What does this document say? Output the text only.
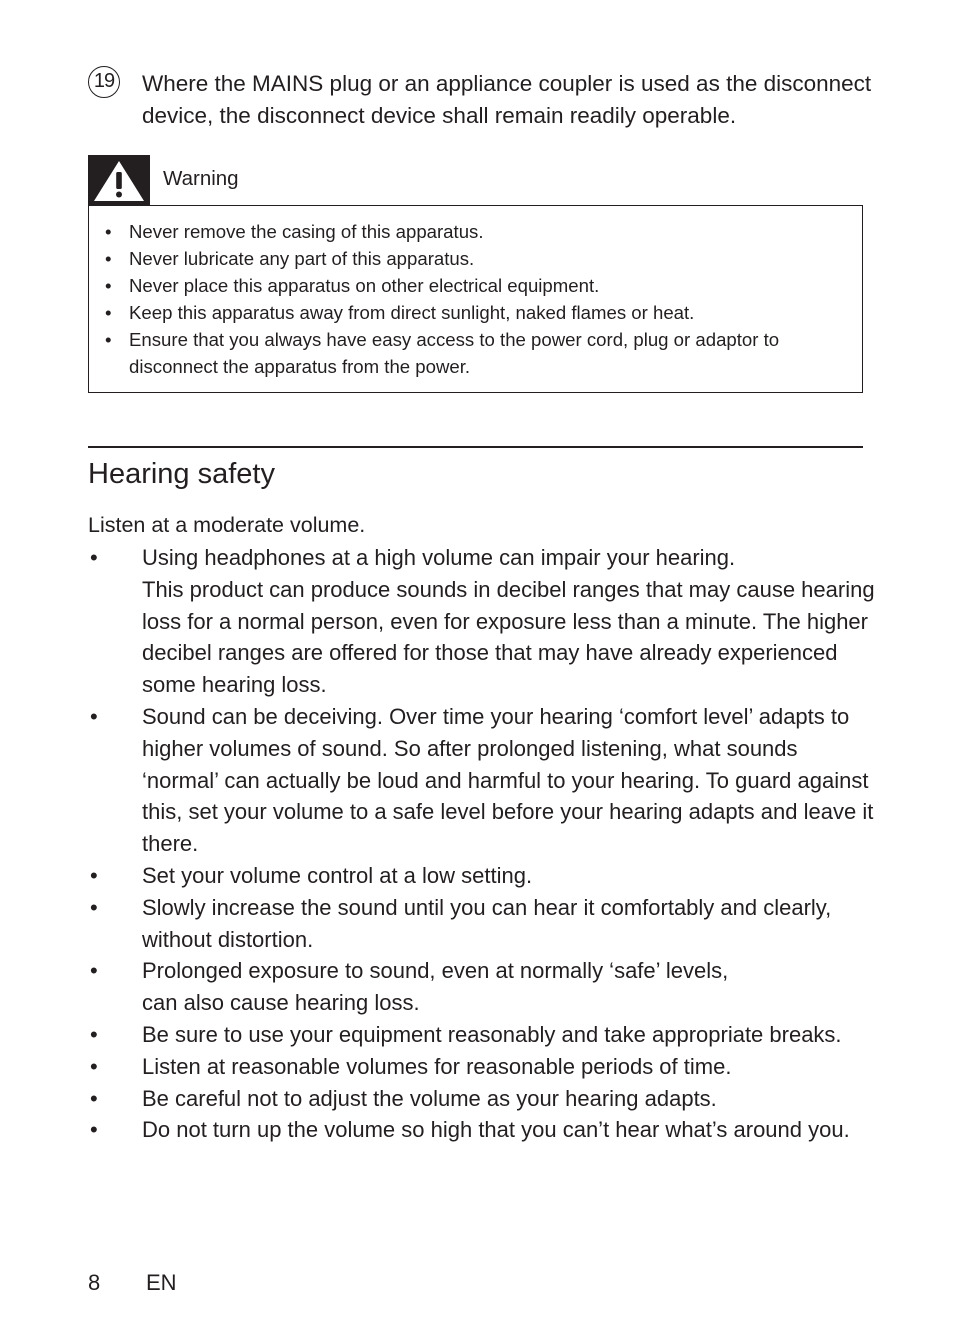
19 Where the MAINS plug or an appliance coupler is used as the disconnect device, the disconnect device shall remain readily operable.
Warning
• Never remove the casing of this apparatus.
• Never lubricate any part of this apparatus.
• Never place this apparatus on other electrical equipment.
• Keep this apparatus away from direct sunlight, naked flames or heat.
• Ensure that you always have easy access to the power cord, plug or adaptor to disconnect the apparatus from the power.
Hearing safety
Listen at a moderate volume.
• Using headphones at a high volume can impair your hearing.
This product can produce sounds in decibel ranges that may cause hearing loss for a normal person, even for exposure less than a minute. The higher decibel ranges are offered for those that may have already experienced some hearing loss.
• Sound can be deceiving. Over time your hearing ‘comfort level’ adapts to higher volumes of sound. So after prolonged listening, what sounds ‘normal’ can actually be loud and harmful to your hearing. To guard against this, set your volume to a safe level before your hearing adapts and leave it there.
• Set your volume control at a low setting.
• Slowly increase the sound until you can hear it comfortably and clearly, without distortion.
• Prolonged exposure to sound, even at normally ‘safe’ levels,
can also cause hearing loss.
• Be sure to use your equipment reasonably and take appropriate breaks.
• Listen at reasonable volumes for reasonable periods of time.
• Be careful not to adjust the volume as your hearing adapts.
• Do not turn up the volume so high that you can’t hear what’s around you.
8 EN
